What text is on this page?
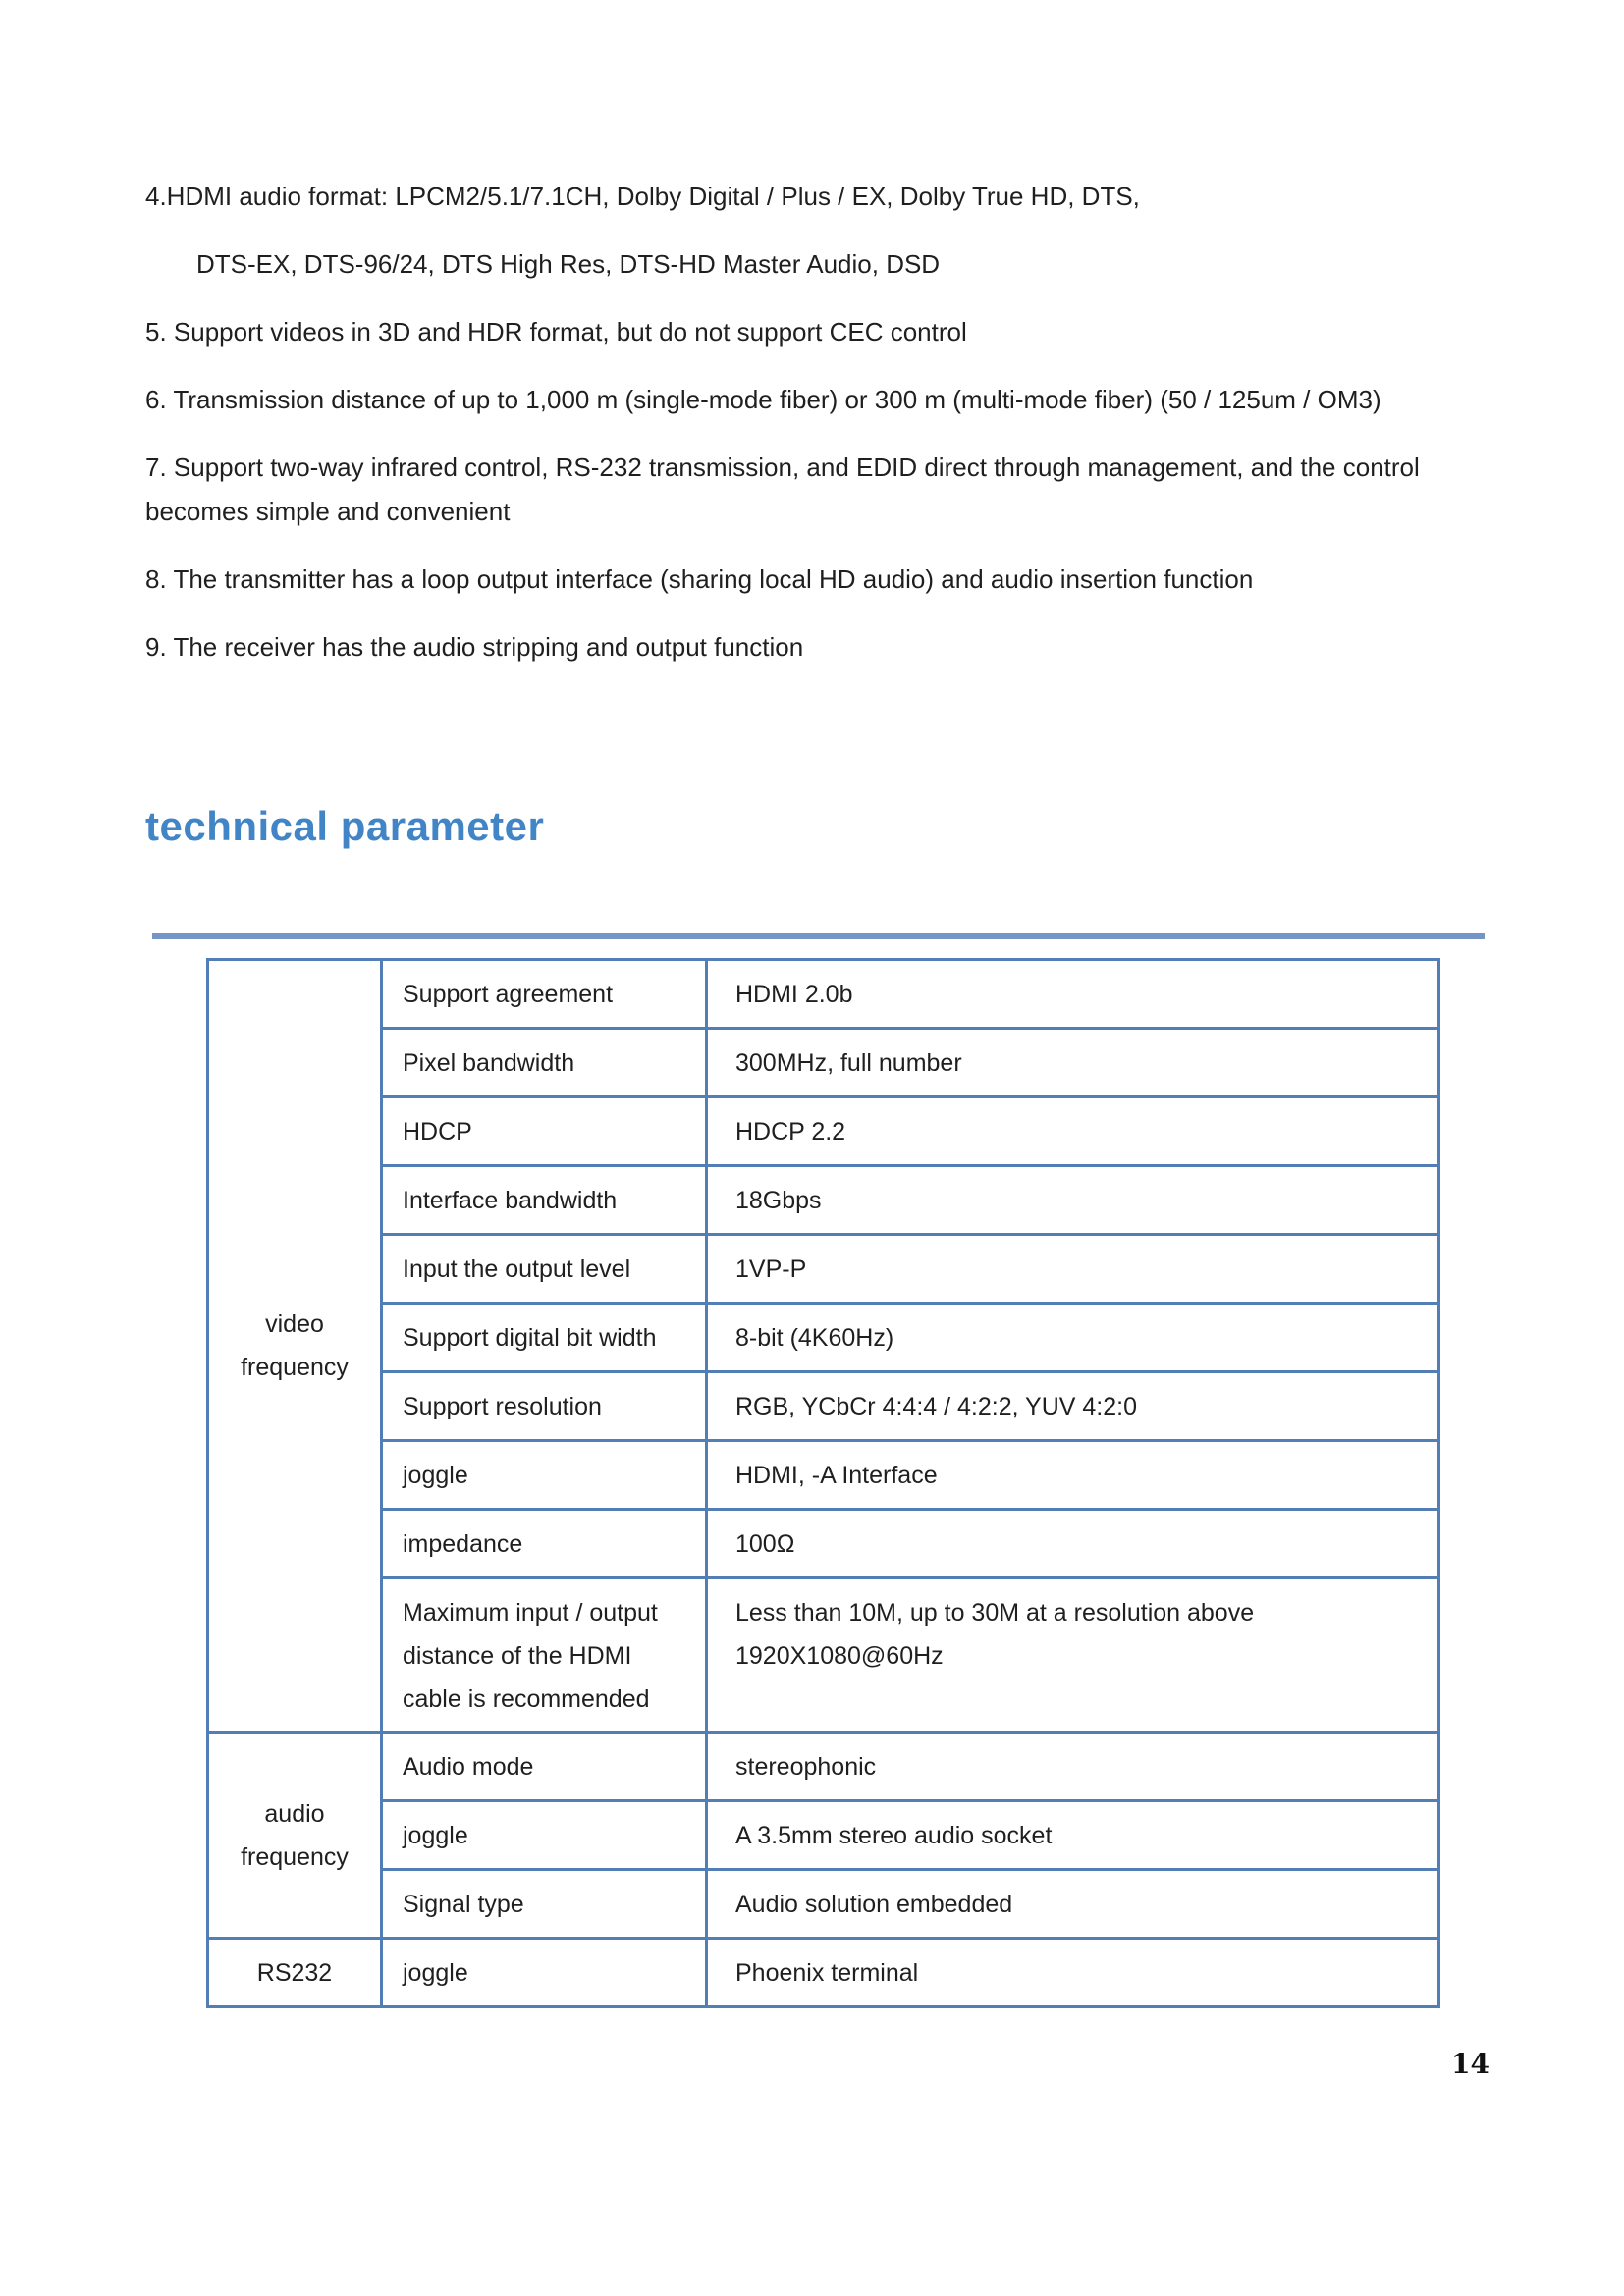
4.HDMI audio format: LPCM2/5.1/7.1CH, Dolby Digital / Plus / EX, Dolby True HD, DTS,

DTS-EX, DTS-96/24, DTS High Res, DTS-HD Master Audio, DSD

5. Support videos in 3D and HDR format, but do not support CEC control

6. Transmission distance of up to 1,000 m (single-mode fiber) or 300 m (multi-mode fiber) (50 / 125um / OM3)

7. Support two-way infrared control, RS-232 transmission, and EDID direct through management, and the control becomes simple and convenient

8. The transmitter has a loop output interface (sharing local HD audio) and audio insertion function

9. The receiver has the audio stripping and output function

technical parameter
video frequency	Support agreement	HDMI 2.0b
	Pixel bandwidth	300MHz, full number
	HDCP	HDCP 2.2
	Interface bandwidth	18Gbps
	Input the output level	1VP-P
	Support digital bit width	8-bit (4K60Hz)
	Support resolution	RGB, YCbCr 4:4:4 / 4:2:2, YUV 4:2:0
	joggle	HDMI, -A Interface
	impedance	100Ω
	Maximum input / output distance of the HDMI cable is recommended	Less than 10M, up to 30M at a resolution above 1920X1080@60Hz
audio frequency	Audio mode	stereophonic
	joggle	A 3.5mm stereo audio socket
	Signal type	Audio solution embedded
RS232	joggle	Phoenix terminal
14
